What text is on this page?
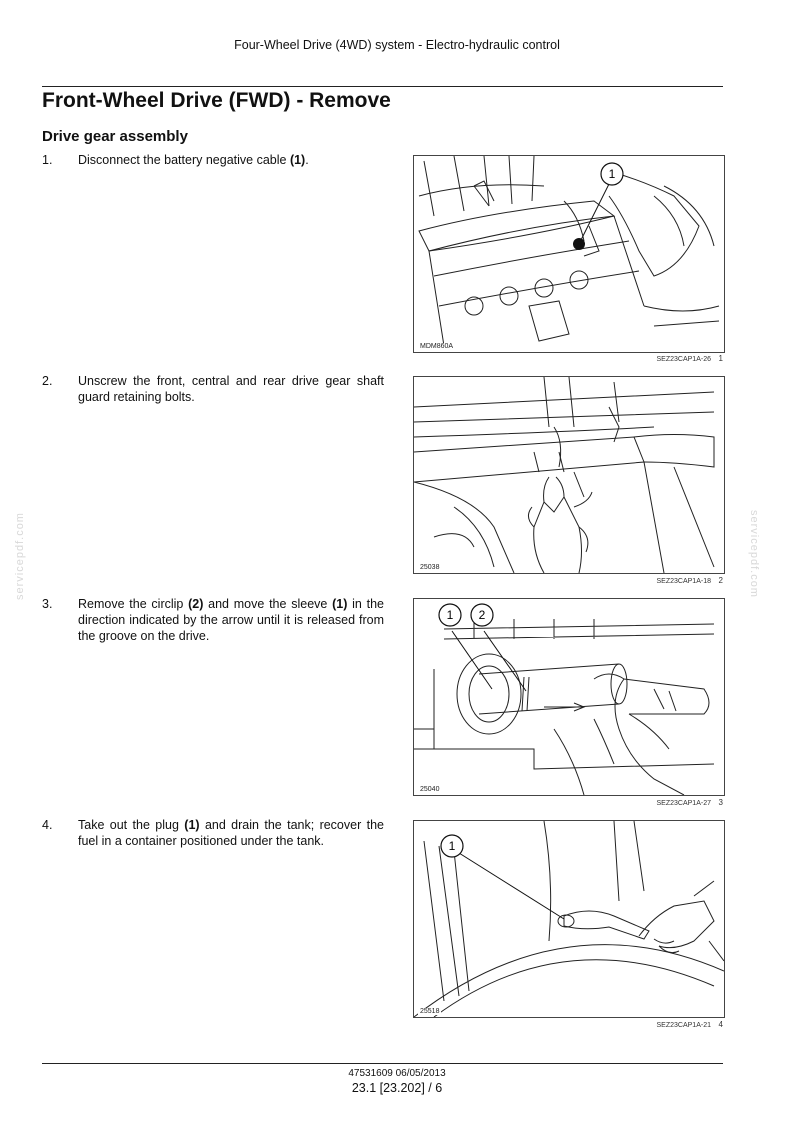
Four-Wheel Drive (4WD) system - Electro-hydraulic control
Front-Wheel Drive (FWD) - Remove
Drive gear assembly
1.	Disconnect the battery negative cable (1).
2.	Unscrew the front, central and rear drive gear shaft guard retaining bolts.
3.	Remove the circlip (2) and move the sleeve (1) in the direction indicated by the arrow until it is released from the groove on the drive.
4.	Take out the plug (1) and drain the tank; recover the fuel in a container positioned under the tank.
1
MDM860A
SEZ23CAP1A-26 1
25038
SEZ23CAP1A-18 2
1 2
25040
SEZ23CAP1A-27 3
1
25518
SEZ23CAP1A-21 4
servicepdf.com	servicepdf.com
47531609 06/05/2013
23.1 [23.202] / 6
